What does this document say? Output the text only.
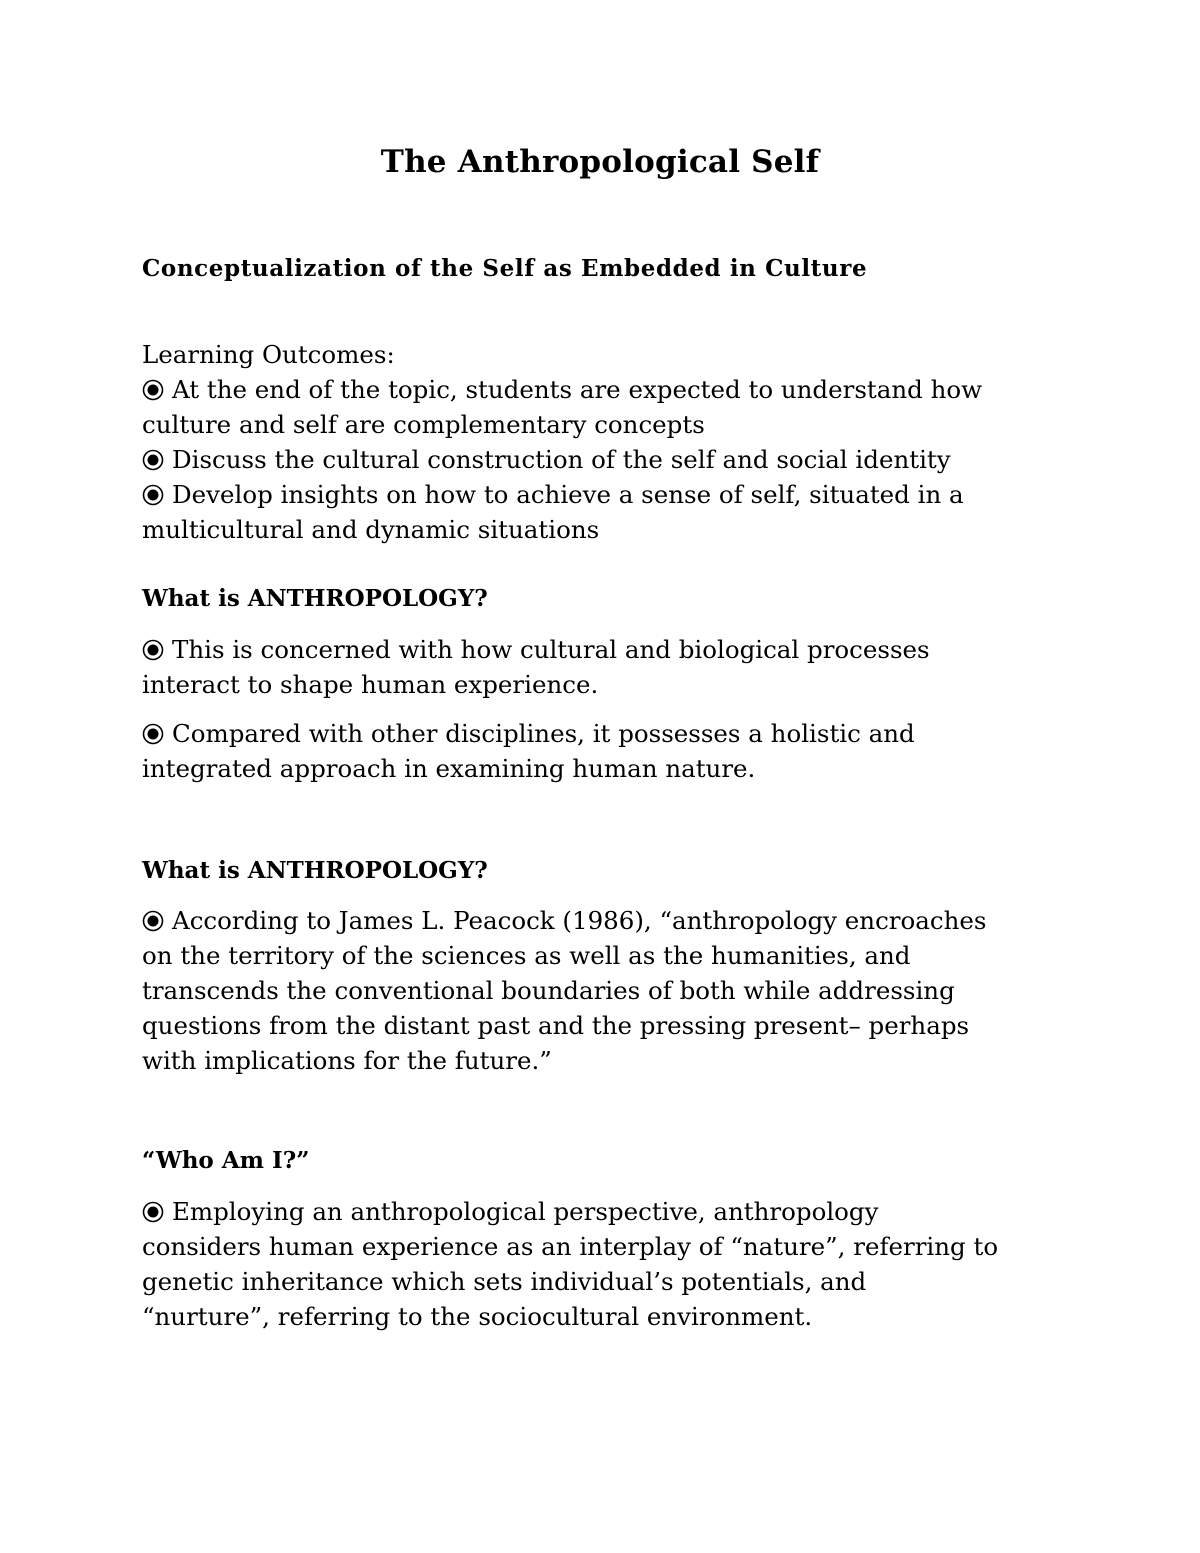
The Anthropological Self
Conceptualization of the Self as Embedded in Culture
Learning Outcomes:
At the end of the topic, students are expected to understand how
culture and self are complementary concepts
Discuss the cultural construction of the self and social identity
Develop insights on how to achieve a sense of self, situated in a
multicultural and dynamic situations
What is ANTHROPOLOGY?
This is concerned with how cultural and biological processes
interact to shape human experience.
Compared with other disciplines, it possesses a holistic and
integrated approach in examining human nature.
What is ANTHROPOLOGY?
According to James L. Peacock (1986), “anthropology encroaches
on the territory of the sciences as well as the humanities, and
transcends the conventional boundaries of both while addressing
questions from the distant past and the pressing present– perhaps
with implications for the future.”
“Who Am I?”
Employing an anthropological perspective, anthropology
considers human experience as an interplay of “nature”, referring to
genetic inheritance which sets individual’s potentials, and
“nurture”, referring to the sociocultural environment.
